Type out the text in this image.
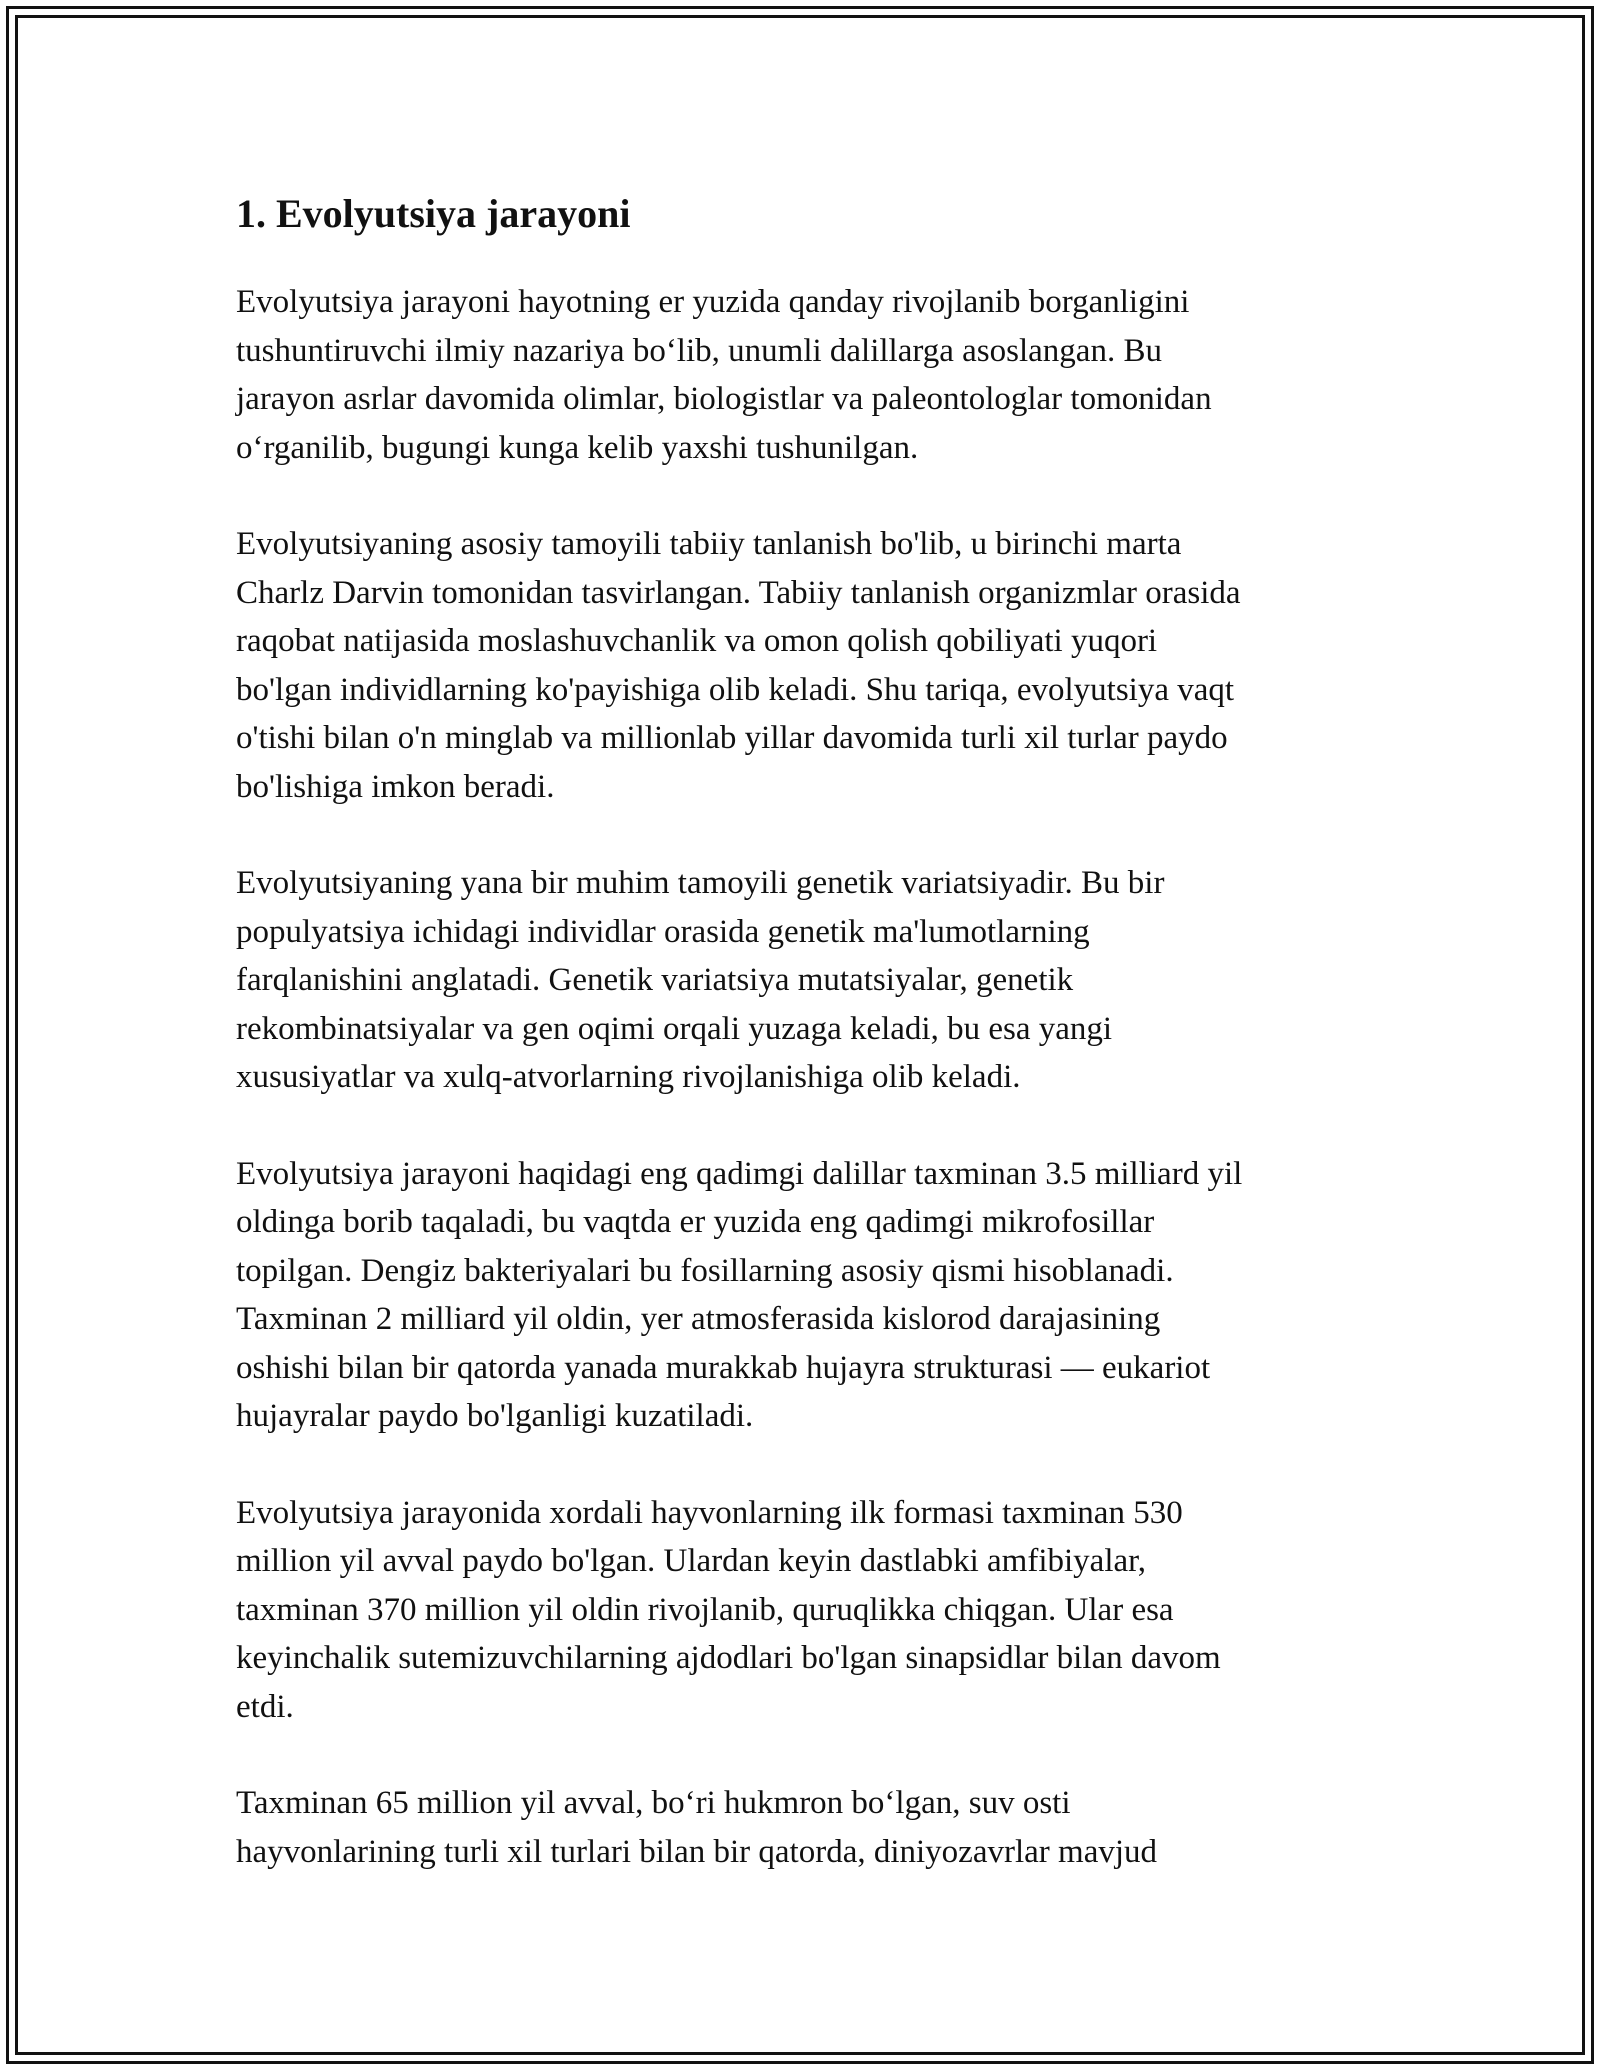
1. Evolyutsiya jarayoni

Evolyutsiya jarayoni hayotning er yuzida qanday rivojlanib borganligini
tushuntiruvchi ilmiy nazariya bo‘lib, unumli dalillarga asoslangan. Bu
jarayon asrlar davomida olimlar, biologistlar va paleontologlar tomonidan
o‘rganilib, bugungi kunga kelib yaxshi tushunilgan.

Evolyutsiyaning asosiy tamoyili tabiiy tanlanish bo'lib, u birinchi marta
Charlz Darvin tomonidan tasvirlangan. Tabiiy tanlanish organizmlar orasida
raqobat natijasida moslashuvchanlik va omon qolish qobiliyati yuqori
bo'lgan individlarning ko'payishiga olib keladi. Shu tariqa, evolyutsiya vaqt
o'tishi bilan o'n minglab va millionlab yillar davomida turli xil turlar paydo
bo'lishiga imkon beradi.

Evolyutsiyaning yana bir muhim tamoyili genetik variatsiyadir. Bu bir
populyatsiya ichidagi individlar orasida genetik ma'lumotlarning
farqlanishini anglatadi. Genetik variatsiya mutatsiyalar, genetik
rekombinatsiyalar va gen oqimi orqali yuzaga keladi, bu esa yangi
xususiyatlar va xulq-atvorlarning rivojlanishiga olib keladi.

Evolyutsiya jarayoni haqidagi eng qadimgi dalillar taxminan 3.5 milliard yil
oldinga borib taqaladi, bu vaqtda er yuzida eng qadimgi mikrofosillar
topilgan. Dengiz bakteriyalari bu fosillarning asosiy qismi hisoblanadi.
Taxminan 2 milliard yil oldin, yer atmosferasida kislorod darajasining
oshishi bilan bir qatorda yanada murakkab hujayra strukturasi — eukariot
hujayralar paydo bo'lganligi kuzatiladi.

Evolyutsiya jarayonida xordali hayvonlarning ilk formasi taxminan 530
million yil avval paydo bo'lgan. Ulardan keyin dastlabki amfibiyalar,
taxminan 370 million yil oldin rivojlanib, quruqlikka chiqgan. Ular esa
keyinchalik sutemizuvchilarning ajdodlari bo'lgan sinapsidlar bilan davom
etdi.

Taxminan 65 million yil avval, bo‘ri hukmron bo‘lgan, suv osti
hayvonlarining turli xil turlari bilan bir qatorda, diniyozavrlar mavjud
